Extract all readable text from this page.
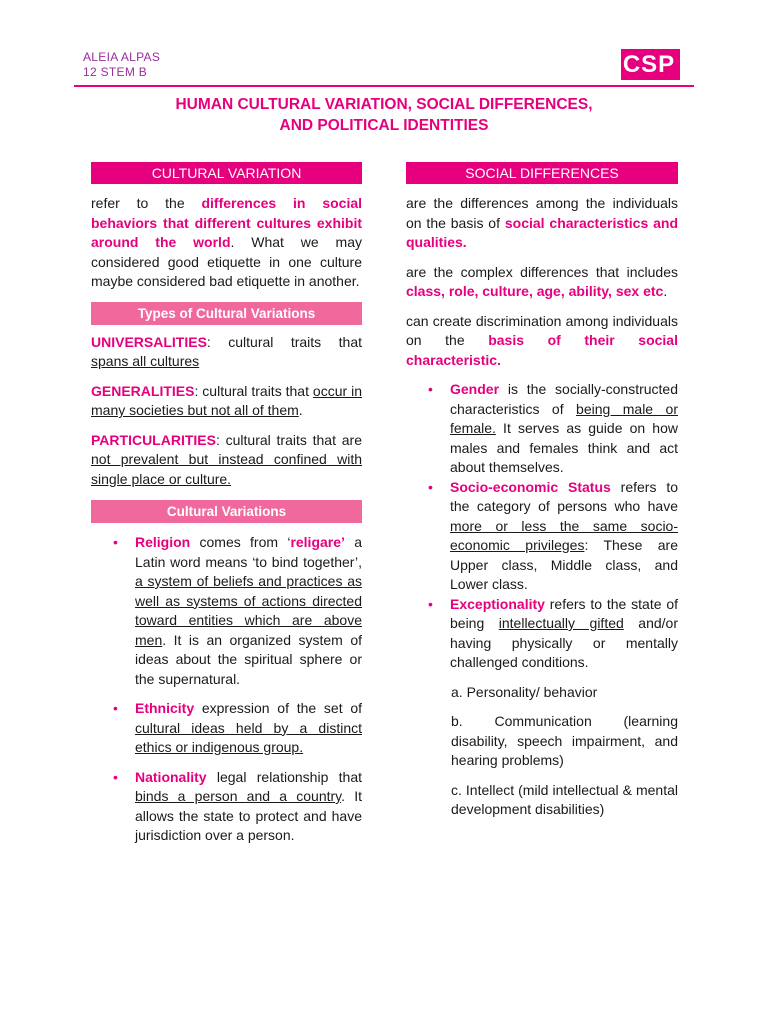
ALEIA ALPAS
12 STEM B	CSP
HUMAN CULTURAL VARIATION, SOCIAL DIFFERENCES,
AND POLITICAL IDENTITIES
CULTURAL VARIATION

refer to the differences in social behaviors that different cultures exhibit around the world. What we may considered good etiquette in one culture maybe considered bad etiquette in another.

Types of Cultural Variations

UNIVERSALITIES: cultural traits that spans all cultures

GENERALITIES: cultural traits that occur in many societies but not all of them.

PARTICULARITIES: cultural traits that are not prevalent but instead confined with single place or culture.

Cultural Variations
• Religion comes from ‘religare’ a Latin word means ‘to bind together’, a system of beliefs and practices as well as systems of actions directed toward entities which are above men. It is an organized system of ideas about the spiritual sphere or the supernatural.
• Ethnicity expression of the set of cultural ideas held by a distinct ethics or indigenous group.
• Nationality legal relationship that binds a person and a country. It allows the state to protect and have jurisdiction over a person.
SOCIAL DIFFERENCES

are the differences among the individuals on the basis of social characteristics and qualities.

are the complex differences that includes class, role, culture, age, ability, sex etc.

can create discrimination among individuals on the basis of their social characteristic.

• Gender is the socially-constructed characteristics of being male or female. It serves as guide on how males and females think and act about themselves.
• Socio-economic Status refers to the category of persons who have more or less the same socio-economic privileges: These are Upper class, Middle class, and Lower class.
• Exceptionality refers to the state of being intellectually gifted and/or having physically or mentally challenged conditions.
a. Personality/ behavior
b. Communication (learning disability, speech impairment, and hearing problems)
c. Intellect (mild intellectual & mental development disabilities)
